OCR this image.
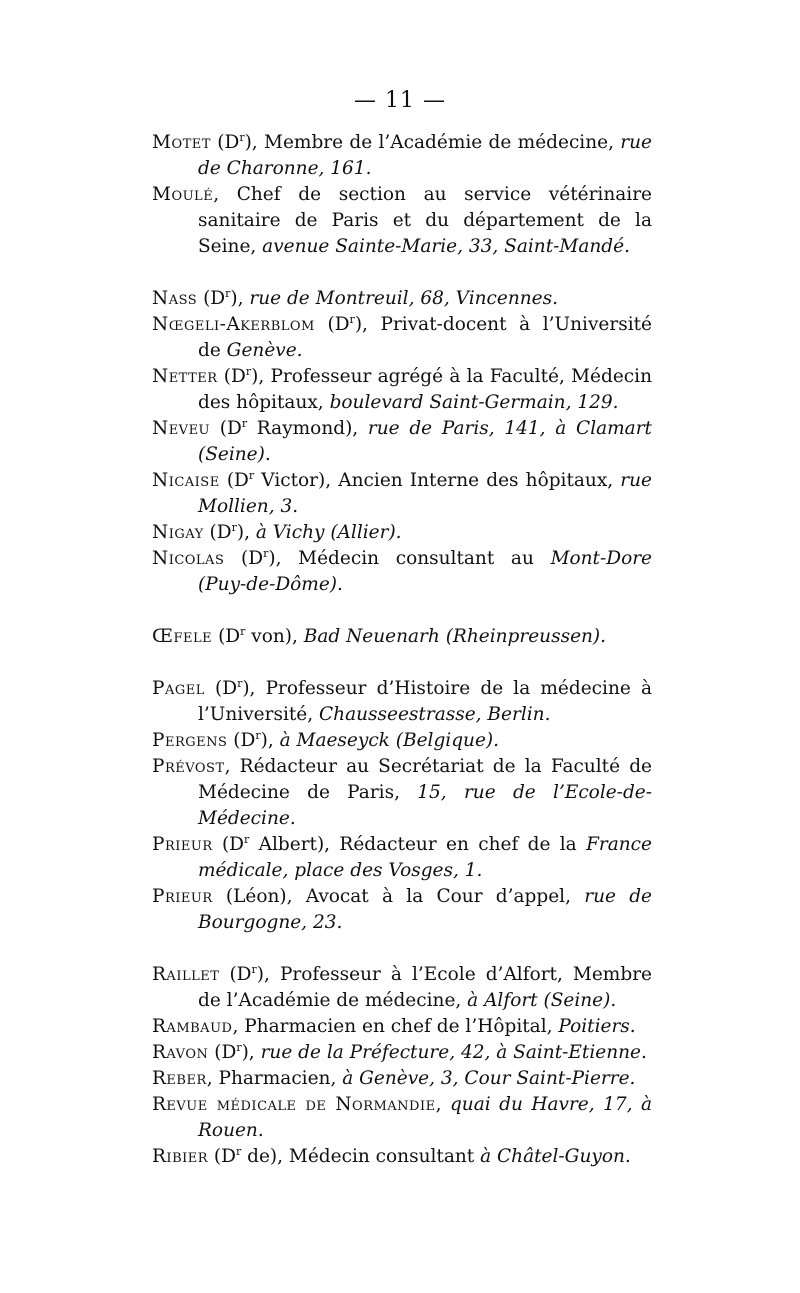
— 11 —

Motet $(D^r)$, Membre de l’Académie de médecine, rue de Charonne, 161.

Moulé, Chef de section au service vétérinaire sanitaire de Paris et du département de la Seine, avenue Sainte-Marie, 33, Saint-Mandé.

Nass $(D^r)$, rue de Montreuil, 68, Vincennes.

Nœgeli-Akerblom $(D^r)$, Privat-docent à l’Université de Genève.

Netter $(D^r)$, Professeur agrégé à la Faculté, Médecin des hôpitaux, boulevard Saint-Germain, 129.

Neveu ($D^r$ Raymond), rue de Paris, 141, à Clamart (Seine).

Nicaise ($D^r$ Victor), Ancien Interne des hôpitaux, rue Mollien, 3.

Nigay $(D^r)$, à Vichy (Allier).

Nicolas $(D^r)$, Médecin consultant au Mont-Dore (Puy-de-Dôme).

Œfele ($D^r$ von), Bad Neuenarh (Rheinpreussen).

Pagel $(D^r)$, Professeur d’Histoire de la médecine à l’Université, Chausseestrasse, Berlin.

Pergens $(D^r)$, à Maeseyck (Belgique).

Prévost, Rédacteur au Secrétariat de la Faculté de Médecine de Paris, 15, rue de l’Ecole-de-Médecine.

Prieur ($D^r$ Albert), Rédacteur en chef de la France médicale, place des Vosges, 1.

Prieur (Léon), Avocat à la Cour d’appel, rue de Bourgogne, 23.

Raillet $(D^r)$, Professeur à l’Ecole d’Alfort, Membre de l’Académie de médecine, à Alfort (Seine).

Rambaud, Pharmacien en chef de l’Hôpital, Poitiers.

Ravon $(D^r)$, rue de la Préfecture, 42, à Saint-Etienne.

Reber, Pharmacien, à Genève, 3, Cour Saint-Pierre.

Revue médicale de Normandie, quai du Havre, 17, à Rouen.

Ribier ($D^r$ de), Médecin consultant à Châtel-Guyon.
